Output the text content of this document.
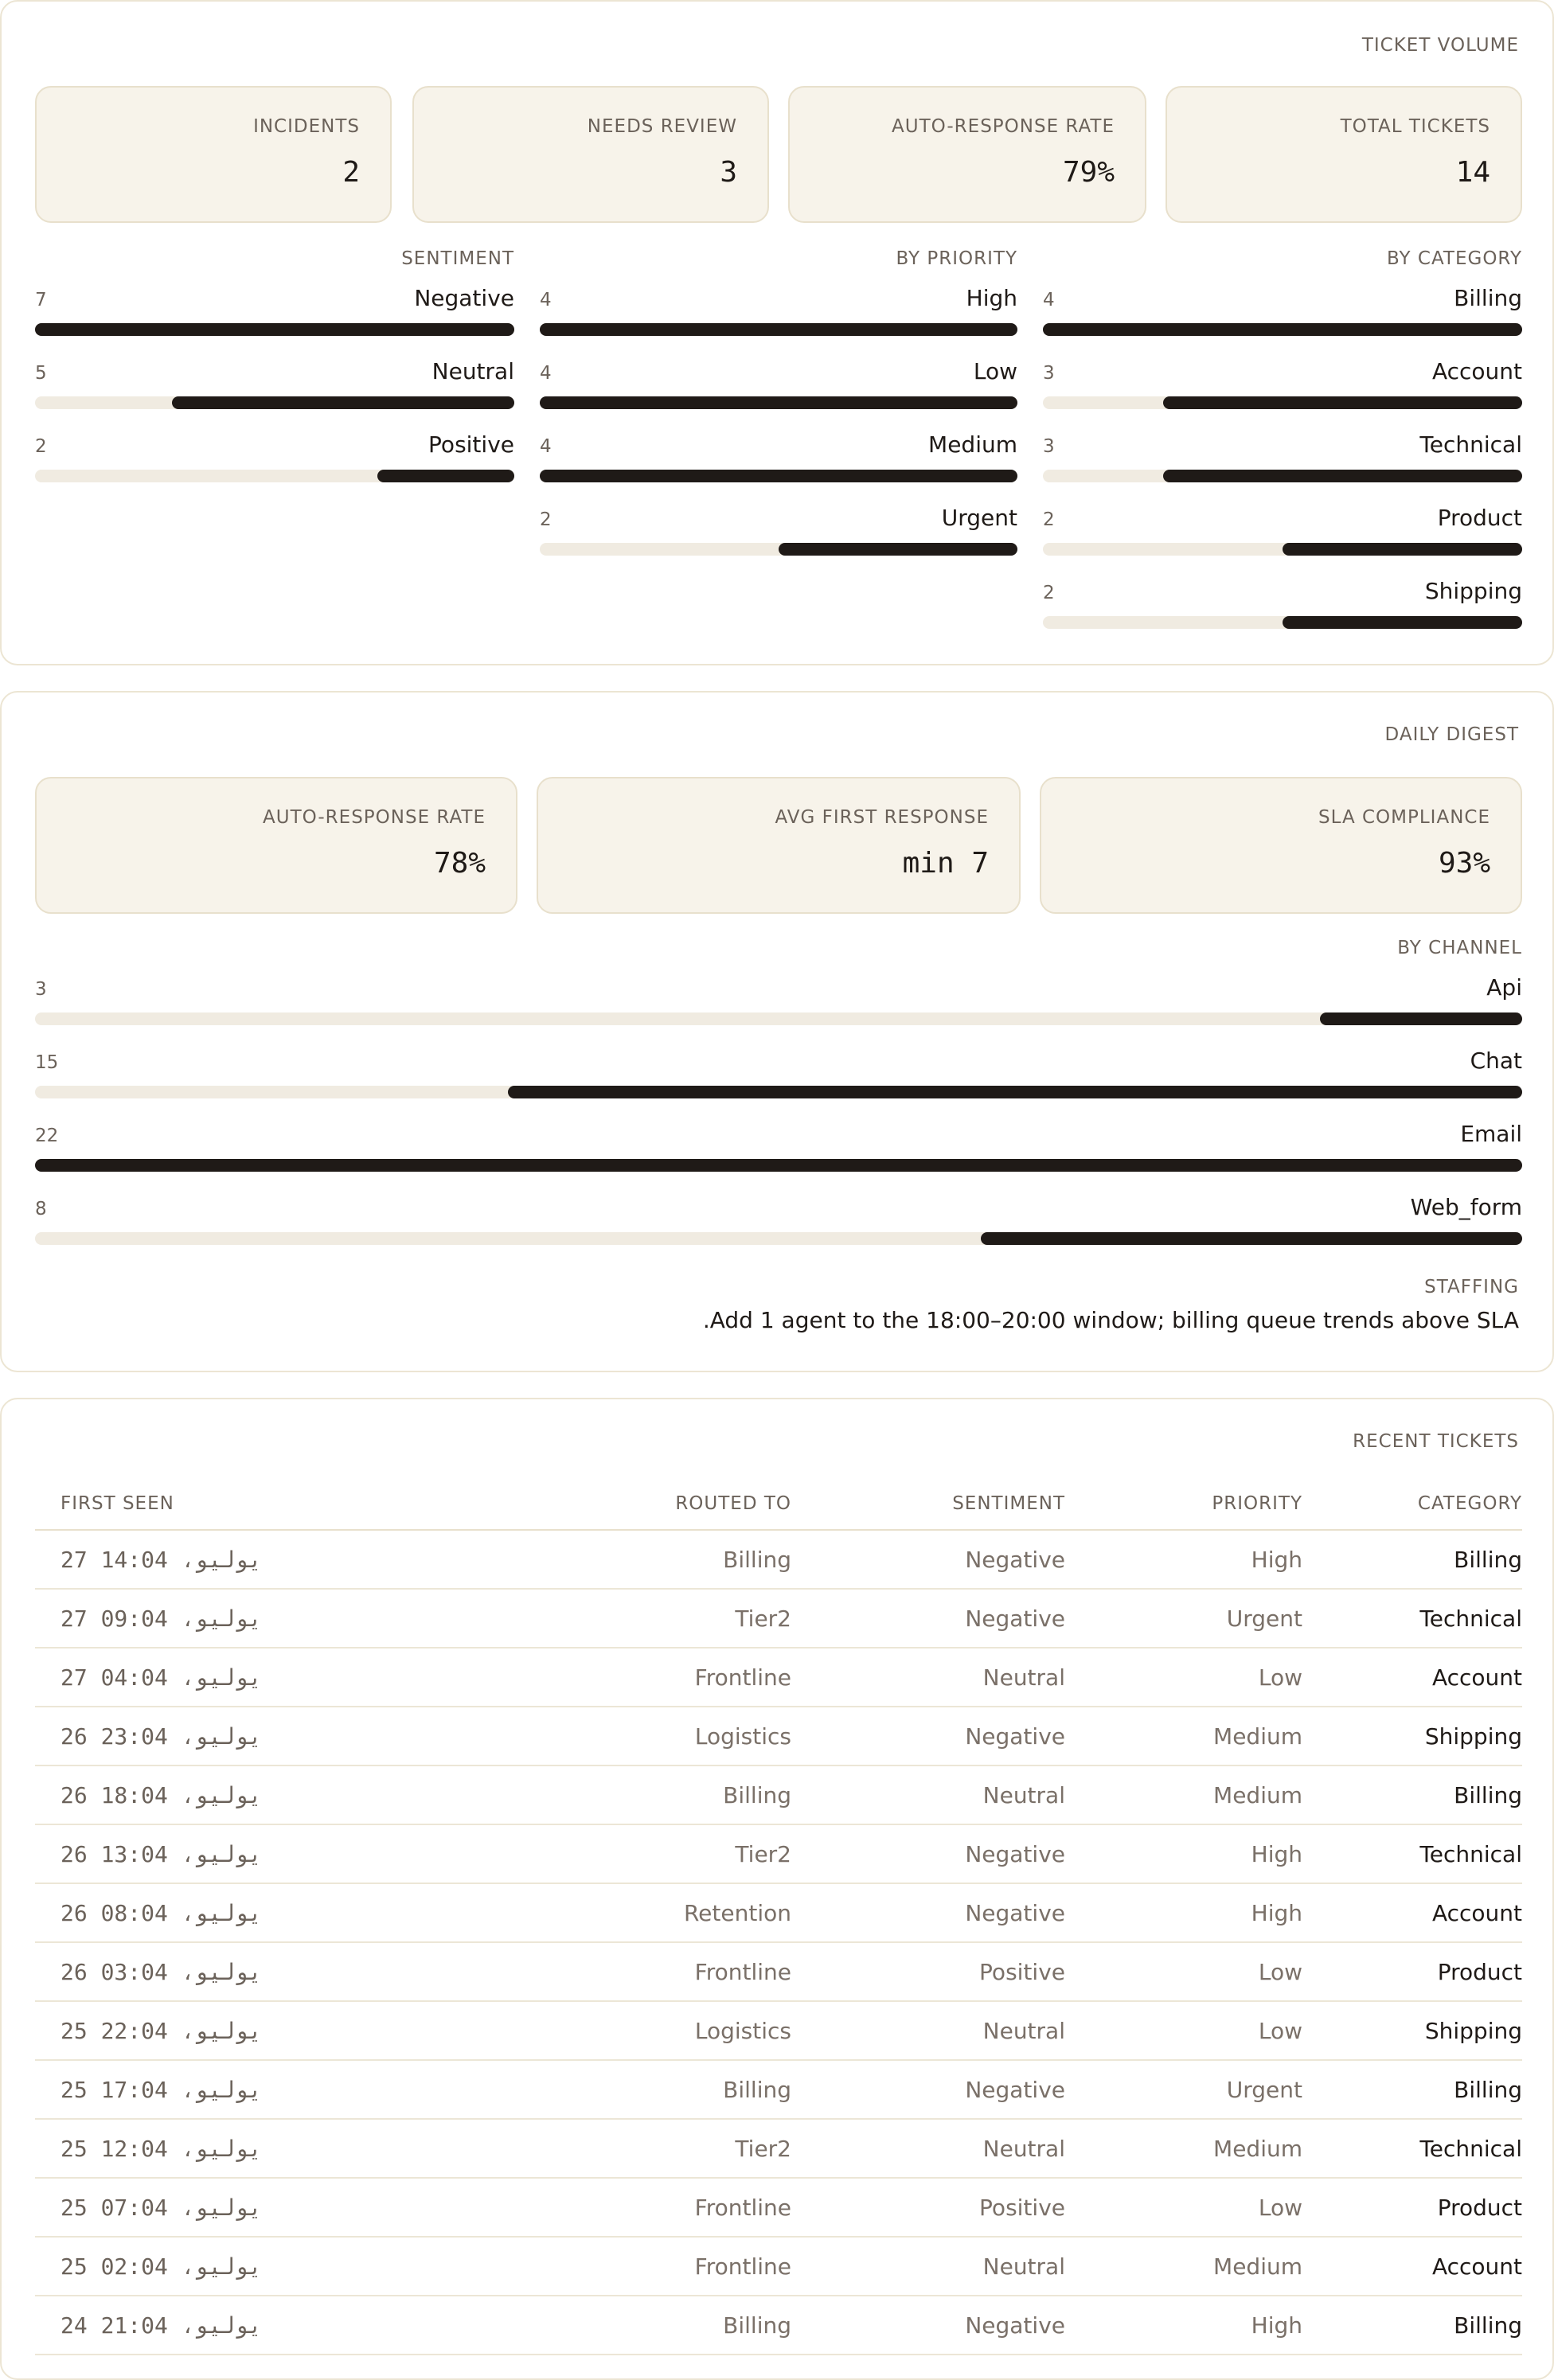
TICKET VOLUME
INCIDENTS
2
NEEDS REVIEW
3
AUTO-RESPONSE RATE
79%
TOTAL TICKETS
14
SENTIMENT
7	Negative
5	Neutral
2	Positive
BY PRIORITY
4	High
4	Low
4	Medium
2	Urgent
BY CATEGORY
4	Billing
3	Account
3	Technical
2	Product
2	Shipping
DAILY DIGEST
AUTO-RESPONSE RATE
78%
AVG FIRST RESPONSE
min 7
SLA COMPLIANCE
93%
BY CHANNEL
3	Api
15	Chat
22	Email
8	Web_form
STAFFING
.Add 1 agent to the 18:00–20:00 window; billing queue trends above SLA
RECENT TICKETS
FIRST SEEN	ROUTED TO	SENTIMENT	PRIORITY	CATEGORY
27 يوليو، 14:04	Billing	Negative	High	Billing
27 يوليو، 09:04	Tier2	Negative	Urgent	Technical
27 يوليو، 04:04	Frontline	Neutral	Low	Account
26 يوليو، 23:04	Logistics	Negative	Medium	Shipping
26 يوليو، 18:04	Billing	Neutral	Medium	Billing
26 يوليو، 13:04	Tier2	Negative	High	Technical
26 يوليو، 08:04	Retention	Negative	High	Account
26 يوليو، 03:04	Frontline	Positive	Low	Product
25 يوليو، 22:04	Logistics	Neutral	Low	Shipping
25 يوليو، 17:04	Billing	Negative	Urgent	Billing
25 يوليو، 12:04	Tier2	Neutral	Medium	Technical
25 يوليو، 07:04	Frontline	Positive	Low	Product
25 يوليو، 02:04	Frontline	Neutral	Medium	Account
24 يوليو، 21:04	Billing	Negative	High	Billing
